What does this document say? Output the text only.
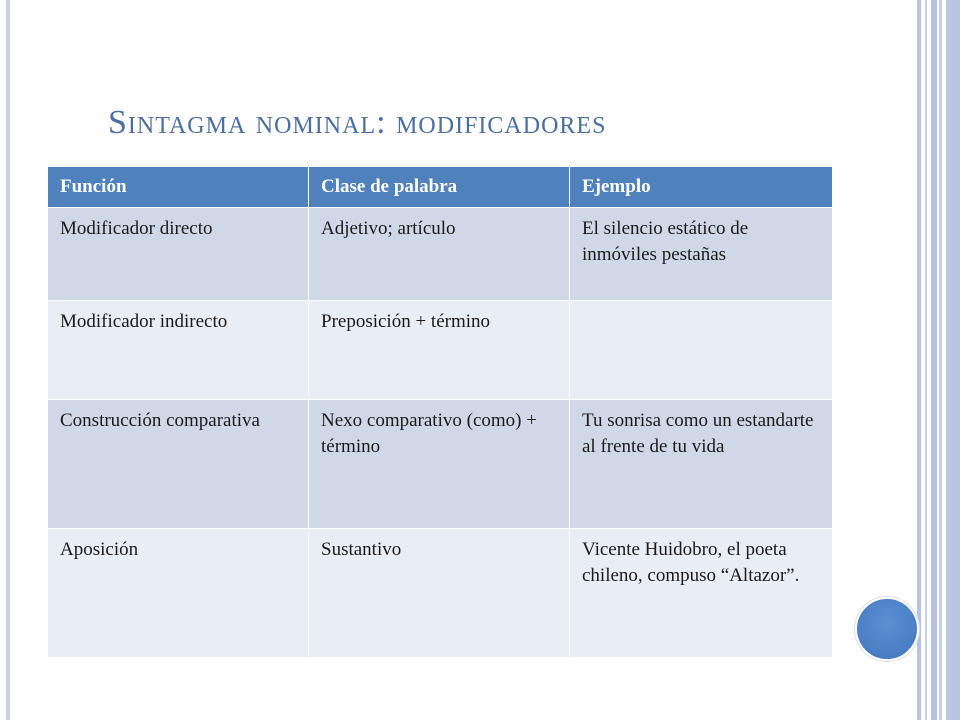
Sintagma nominal: modificadores
Función	Clase de palabra	Ejemplo
Modificador directo	Adjetivo; artículo	El silencio estático de inmóviles pestañas
Modificador indirecto	Preposición + término	
Construcción comparativa	Nexo comparativo (como) + término	Tu sonrisa como un estandarte al frente de tu vida
Aposición	Sustantivo	Vicente Huidobro, el poeta chileno, compuso “Altazor”.
